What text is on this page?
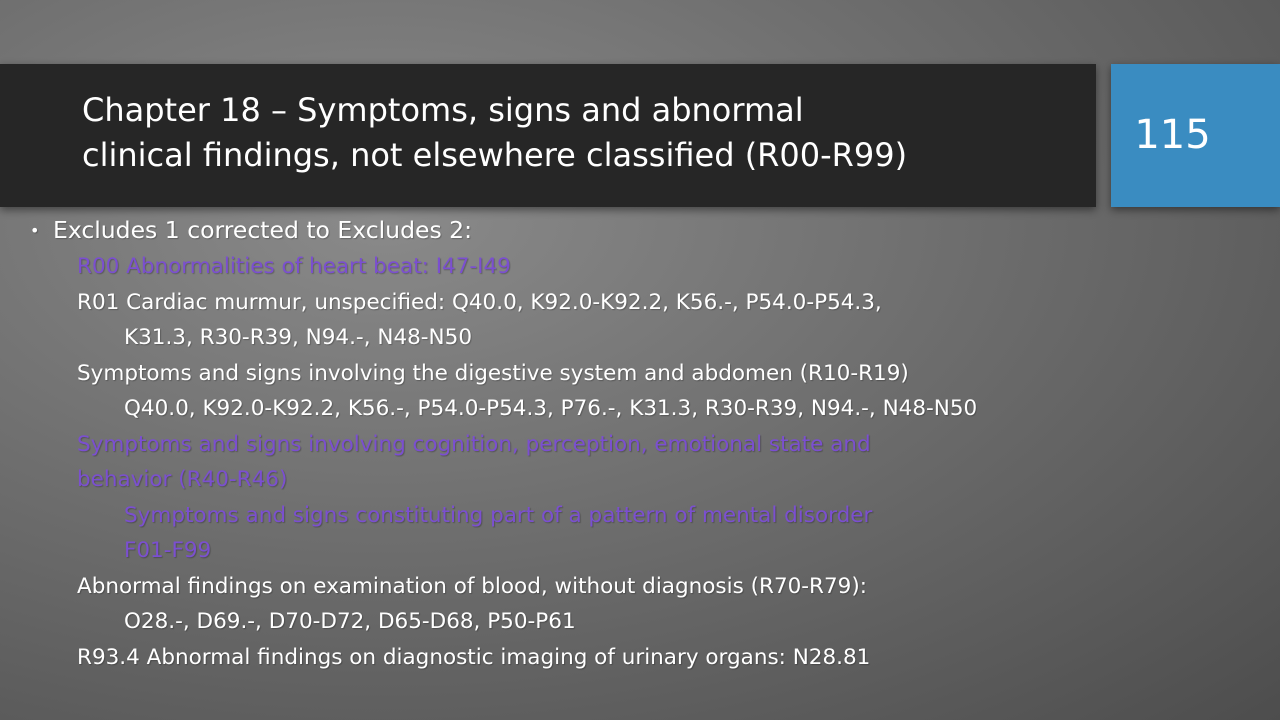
Chapter 18 – Symptoms, signs and abnormal
clinical findings, not elsewhere classified (R00-R99)	115
• Excludes 1 corrected to Excludes 2:
R00 Abnormalities of heart beat: I47-I49
R01 Cardiac murmur, unspecified: Q40.0, K92.0-K92.2, K56.-, P54.0-P54.3,
K31.3, R30-R39, N94.-, N48-N50
Symptoms and signs involving the digestive system and abdomen (R10-R19)
Q40.0, K92.0-K92.2, K56.-, P54.0-P54.3, P76.-, K31.3, R30-R39, N94.-, N48-N50
Symptoms and signs involving cognition, perception, emotional state and
behavior (R40-R46)
Symptoms and signs constituting part of a pattern of mental disorder
F01-F99
Abnormal findings on examination of blood, without diagnosis (R70-R79):
O28.-, D69.-, D70-D72, D65-D68, P50-P61
R93.4 Abnormal findings on diagnostic imaging of urinary organs: N28.81
